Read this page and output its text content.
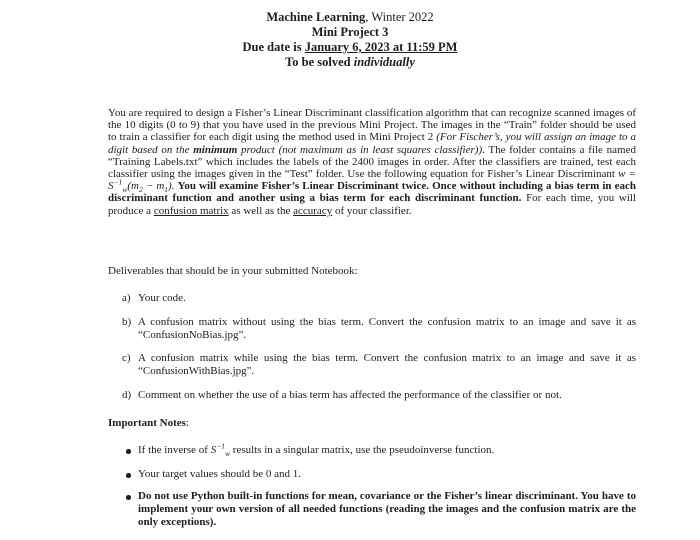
Machine Learning, Winter 2022
Mini Project 3
Due date is January 6, 2023 at 11:59 PM
To be solved individually
You are required to design a Fisher’s Linear Discriminant classification algorithm that can recognize scanned images of the 10 digits (0 to 9) that you have used in the previous Mini Project. The images in the “Train” folder should be used to train a classifier for each digit using the method used in Mini Project 2 (For Fischer’s, you will assign an image to a digit based on the minimum product (not maximum as in least squares classifier)). The folder contains a file named “Training Labels.txt” which includes the labels of the 2400 images in order. After the classifiers are trained, test each classifier using the images given in the “Test” folder. Use the following equation for Fisher’s Linear Discriminant $w = S^{-1}_w(m_2 - m_1)$. You will examine Fisher’s Linear Discriminant twice. Once without including a bias term in each discriminant function and another using a bias term for each discriminant function. For each time, you will produce a confusion matrix as well as the accuracy of your classifier.
Deliverables that should be in your submitted Notebook:
a) Your code.
b) A confusion matrix without using the bias term. Convert the confusion matrix to an image and save it as “ConfusionNoBias.jpg”.
c) A confusion matrix while using the bias term. Convert the confusion matrix to an image and save it as “ConfusionWithBias.jpg”.
d) Comment on whether the use of a bias term has affected the performance of the classifier or not.
Important Notes:
If the inverse of $S^{-1}_w$ results in a singular matrix, use the pseudoinverse function.
Your target values should be 0 and 1.
Do not use Python built-in functions for mean, covariance or the Fisher’s linear discriminant. You have to implement your own version of all needed functions (reading the images and the confusion matrix are the only exceptions).
